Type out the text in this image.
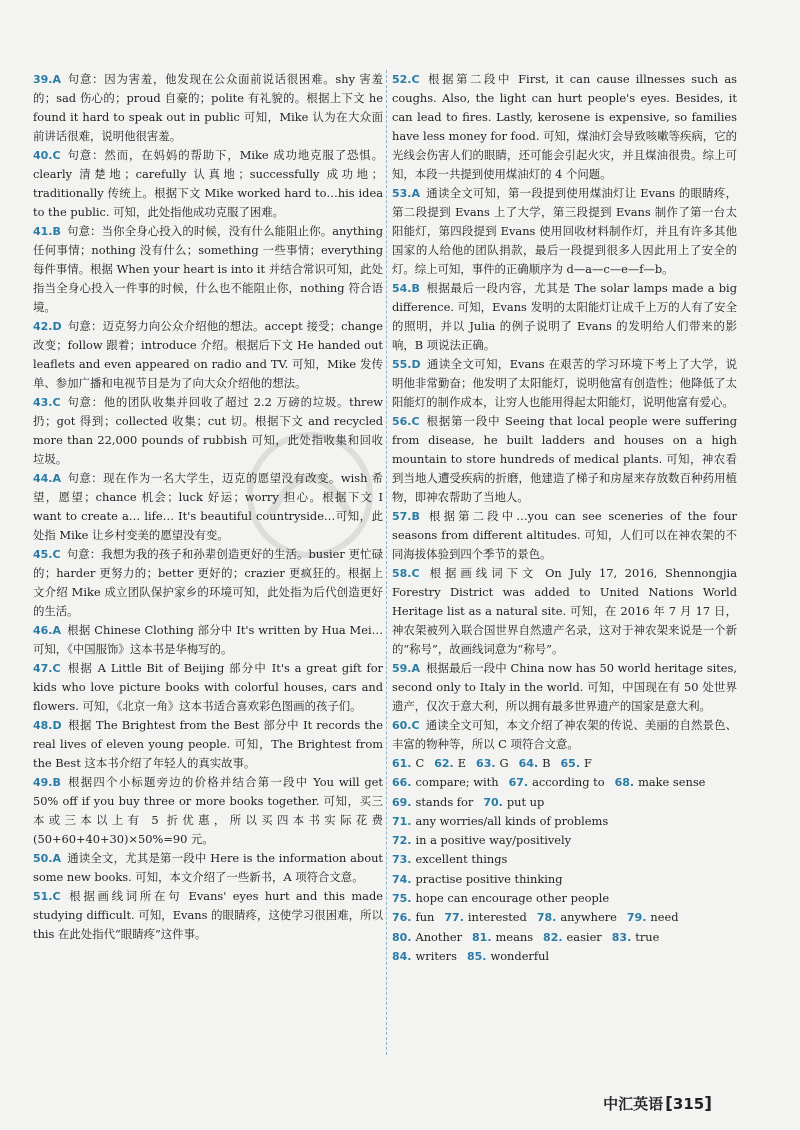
39.A 句意：因为害羞，他发现在公众面前说话很困难。shy 害羞的；sad 伤心的；proud 自豪的；polite 有礼貌的。根据上下文 he found it hard to speak out in public 可知，Mike 认为在大众面前讲话很难，说明他很害羞。
40.C 句意：然而，在妈妈的帮助下，Mike 成功地克服了恐惧。clearly 清楚地；carefully 认真地；successfully 成功地；traditionally 传统上。根据下文 Mike worked hard to…his idea to the public. 可知，此处指他成功克服了困难。
41.B 句意：当你全身心投入的时候，没有什么能阻止你。anything 任何事情；nothing 没有什么；something 一些事情；everything 每件事情。根据 When your heart is into it 并结合常识可知，此处指当全身心投入一件事的时候，什么也不能阻止你，nothing 符合语境。
42.D 句意：迈克努力向公众介绍他的想法。accept 接受；change 改变；follow 跟着；introduce 介绍。根据后下文 He handed out leaflets and even appeared on radio and TV. 可知，Mike 发传单、参加广播和电视节目是为了向大众介绍他的想法。
43.C 句意：他的团队收集并回收了超过 2.2 万磅的垃圾。threw 扔；got 得到；collected 收集；cut 切。根据下文 and recycled more than 22,000 pounds of rubbish 可知，此处指收集和回收垃圾。
44.A 句意：现在作为一名大学生，迈克的愿望没有改变。wish 希望，愿望；chance 机会；luck 好运；worry 担心。根据下文 I want to create a… life… It's beautiful countryside…可知，此处指 Mike 让乡村变美的愿望没有变。
45.C 句意：我想为我的孩子和孙辈创造更好的生活。busier 更忙碌的；harder 更努力的；better 更好的；crazier 更疯狂的。根据上文介绍 Mike 成立团队保护家乡的环境可知，此处指为后代创造更好的生活。
46.A 根据 Chinese Clothing 部分中 It's written by Hua Mei…可知，《中国服饰》这本书是华梅写的。
47.C 根据 A Little Bit of Beijing 部分中 It's a great gift for kids who love picture books with colorful houses, cars and flowers. 可知，《北京一角》这本书适合喜欢彩色图画的孩子们。
48.D 根据 The Brightest from the Best 部分中 It records the real lives of eleven young people. 可知，The Brightest from the Best 这本书介绍了年轻人的真实故事。
49.B 根据四个小标题旁边的价格并结合第一段中 You will get 50% off if you buy three or more books together. 可知，买三本或三本以上有 5 折优惠，所以买四本书实际花费(50+60+40+30)×50%=90 元。
50.A 通读全文，尤其是第一段中 Here is the information about some new books. 可知，本文介绍了一些新书，A 项符合文意。
51.C 根据画线词所在句 Evans' eyes hurt and this made studying difficult. 可知，Evans 的眼睛疼，这使学习很困难，所以 this 在此处指代“眼睛疼”这件事。
52.C 根据第二段中 First, it can cause illnesses such as coughs. Also, the light can hurt people's eyes. Besides, it can lead to fires. Lastly, kerosene is expensive, so families have less money for food. 可知，煤油灯会导致咳嗽等疾病，它的光线会伤害人们的眼睛，还可能会引起火灾，并且煤油很贵。综上可知，本段一共提到使用煤油灯的 4 个问题。
53.A 通读全文可知，第一段提到使用煤油灯让 Evans 的眼睛疼，第二段提到 Evans 上了大学，第三段提到 Evans 制作了第一台太阳能灯，第四段提到 Evans 使用回收材料制作灯，并且有许多其他国家的人给他的团队捐款，最后一段提到很多人因此用上了安全的灯。综上可知，事件的正确顺序为 d—a—c—e—f—b。
54.B 根据最后一段内容，尤其是 The solar lamps made a big difference. 可知，Evans 发明的太阳能灯让成千上万的人有了安全的照明，并以 Julia 的例子说明了 Evans 的发明给人们带来的影响，B 项说法正确。
55.D 通读全文可知，Evans 在艰苦的学习环境下考上了大学，说明他非常勤奋；他发明了太阳能灯，说明他富有创造性；他降低了太阳能灯的制作成本，让穷人也能用得起太阳能灯，说明他富有爱心。
56.C 根据第一段中 Seeing that local people were suffering from disease, he built ladders and houses on a high mountain to store hundreds of medical plants. 可知，神农看到当地人遭受疾病的折磨，他建造了梯子和房屋来存放数百种药用植物，即神农帮助了当地人。
57.B 根据第二段中…you can see sceneries of the four seasons from different altitudes. 可知，人们可以在神农架的不同海拔体验到四个季节的景色。
58.C 根据画线词下文 On July 17, 2016, Shennongjia Forestry District was added to United Nations World Heritage list as a natural site. 可知，在 2016 年 7 月 17 日，神农架被列入联合国世界自然遗产名录，这对于神农架来说是一个新的“称号”，故画线词意为“称号”。
59.A 根据最后一段中 China now has 50 world heritage sites, second only to Italy in the world. 可知，中国现在有 50 处世界遗产，仅次于意大利，所以拥有最多世界遗产的国家是意大利。
60.C 通读全文可知，本文介绍了神农架的传说、美丽的自然景色、丰富的物种等，所以 C 项符合文意。
61. C 62. E 63. G 64. B 65. F
66. compare; with 67. according to 68. make sense
69. stands for 70. put up
71. any worries/all kinds of problems
72. in a positive way/positively
73. excellent things
74. practise positive thinking
75. hope can encourage other people
76. fun 77. interested 78. anywhere 79. need
80. Another 81. means 82. easier 83. true
84. writers 85. wonderful
中汇英语 [ 315 ]
